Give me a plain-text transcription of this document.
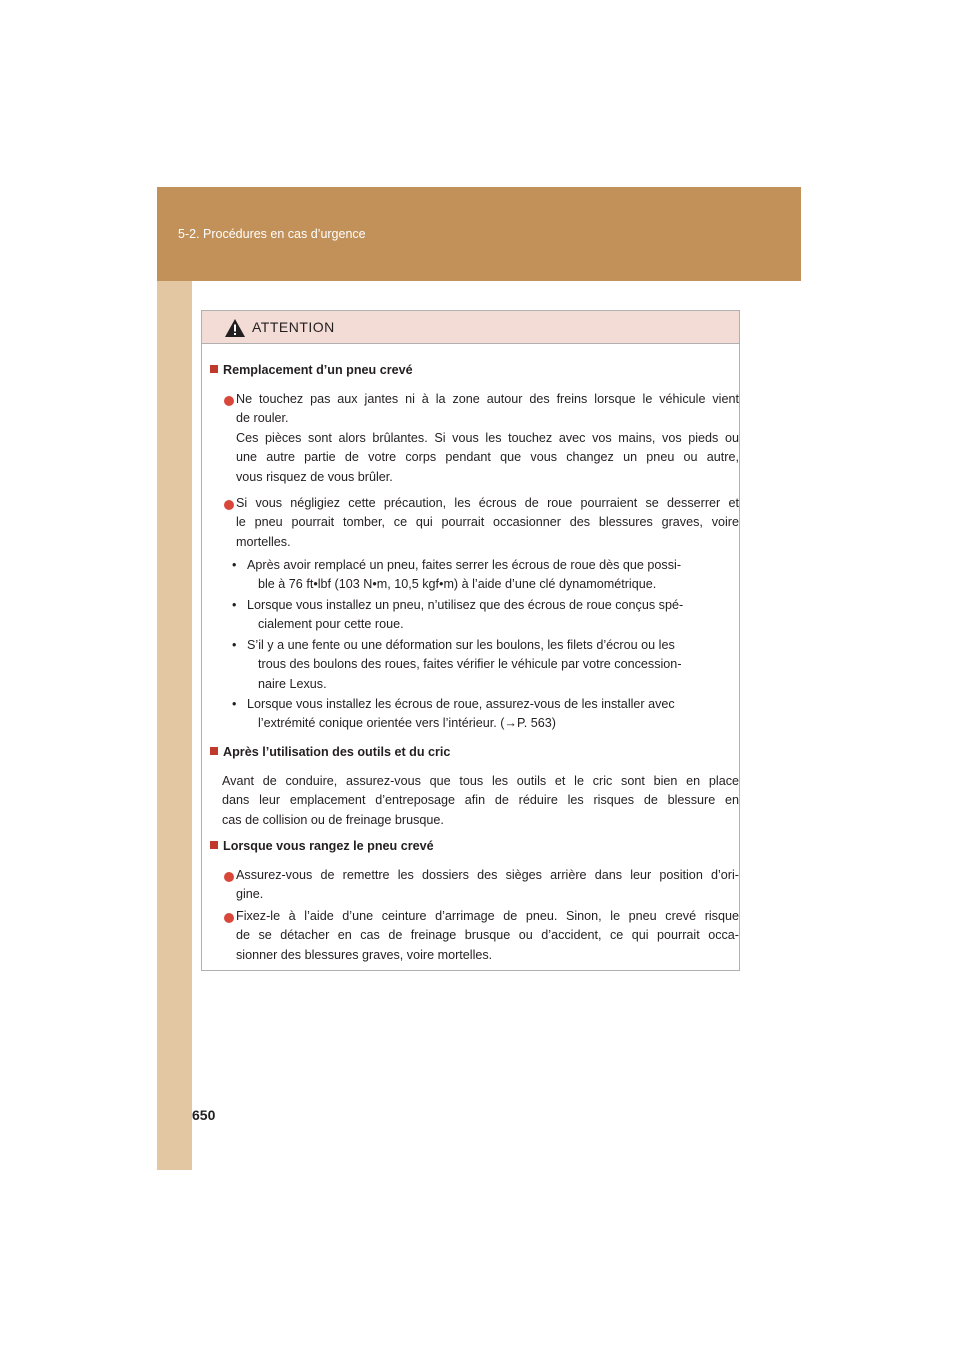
5-2. Procédures en cas d’urgence
ATTENTION
Remplacement d’un pneu crevé
Ne touchez pas aux jantes ni à la zone autour des freins lorsque le véhicule vient
de rouler.
Ces pièces sont alors brûlantes. Si vous les touchez avec vos mains, vos pieds ou
une autre partie de votre corps pendant que vous changez un pneu ou autre,
vous risquez de vous brûler.
Si vous négligiez cette précaution, les écrous de roue pourraient se desserrer et
le pneu pourrait tomber, ce qui pourrait occasionner des blessures graves, voire
mortelles.
• Après avoir remplacé un pneu, faites serrer les écrous de roue dès que possi-
ble à 76 ft•lbf (103 N•m, 10,5 kgf•m) à l’aide d’une clé dynamométrique.
• Lorsque vous installez un pneu, n’utilisez que des écrous de roue conçus spé-
cialement pour cette roue.
• S’il y a une fente ou une déformation sur les boulons, les filets d’écrou ou les
trous des boulons des roues, faites vérifier le véhicule par votre concession-
naire Lexus.
• Lorsque vous installez les écrous de roue, assurez-vous de les installer avec
l’extrémité conique orientée vers l’intérieur. (→P. 563)
Après l’utilisation des outils et du cric
Avant de conduire, assurez-vous que tous les outils et le cric sont bien en place
dans leur emplacement d’entreposage afin de réduire les risques de blessure en
cas de collision ou de freinage brusque.
Lorsque vous rangez le pneu crevé
Assurez-vous de remettre les dossiers des sièges arrière dans leur position d’ori-
gine.
Fixez-le à l’aide d’une ceinture d’arrimage de pneu. Sinon, le pneu crevé risque
de se détacher en cas de freinage brusque ou d’accident, ce qui pourrait occa-
sionner des blessures graves, voire mortelles.
650
